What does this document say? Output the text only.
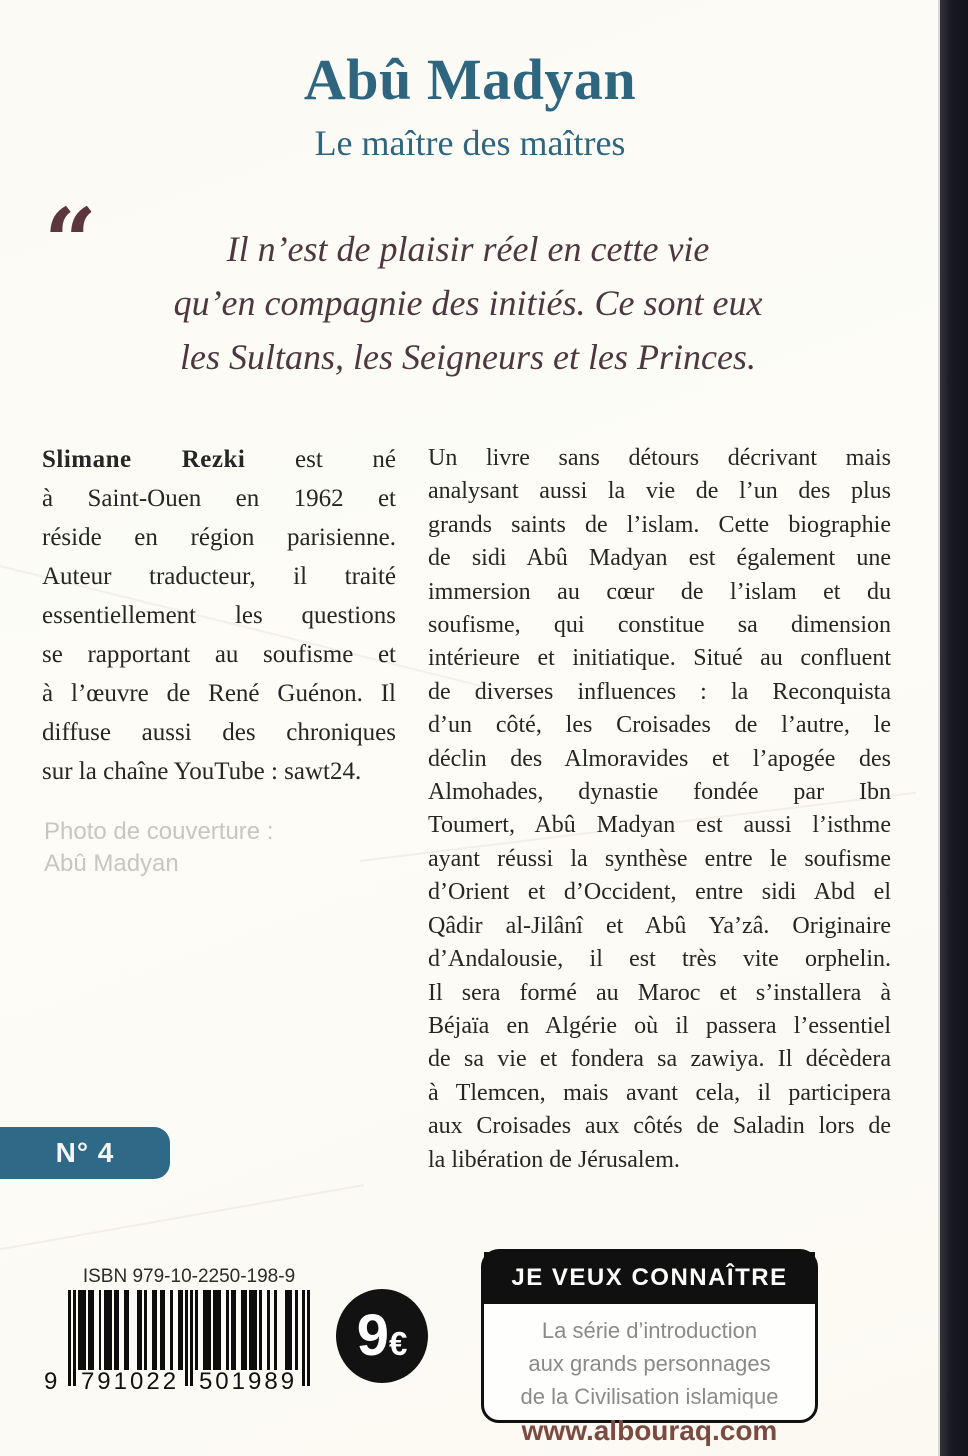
Abû Madyan
Le maître des maîtres
“	Il n’est de plaisir réel en cette vie
qu’en compagnie des initiés. Ce sont eux
les Sultans, les Seigneurs et les Princes.
Slimane Rezki est né
à Saint-Ouen en 1962 et
réside en région parisienne.
Auteur traducteur, il traité
essentiellement les questions
se rapportant au soufisme et
à l’œuvre de René Guénon. Il
diffuse aussi des chroniques
sur la chaîne YouTube : sawt24.
Photo de couverture :
Abû Madyan
Un livre sans détours décrivant mais
analysant aussi la vie de l’un des plus
grands saints de l’islam. Cette biographie
de sidi Abû Madyan est également une
immersion au cœur de l’islam et du
soufisme, qui constitue sa dimension
intérieure et initiatique. Situé au confluent
de diverses influences : la Reconquista
d’un côté, les Croisades de l’autre, le
déclin des Almoravides et l’apogée des
Almohades, dynastie fondée par Ibn
Toumert, Abû Madyan est aussi l’isthme
ayant réussi la synthèse entre le soufisme
d’Orient et d’Occident, entre sidi Abd el
Qâdir al-Jilânî et Abû Ya’zâ. Originaire
d’Andalousie, il est très vite orphelin.
Il sera formé au Maroc et s’installera à
Béjaïa en Algérie où il passera l’essentiel
de sa vie et fondera sa zawiya. Il décèdera
à Tlemcen, mais avant cela, il participera
aux Croisades aux côtés de Saladin lors de
la libération de Jérusalem.
N° 4
ISBN 979-10-2250-198-9
9 791022 501989
9 €
JE VEUX CONNAÎTRE
La série d’introduction
aux grands personnages
de la Civilisation islamique
www.albouraq.com
